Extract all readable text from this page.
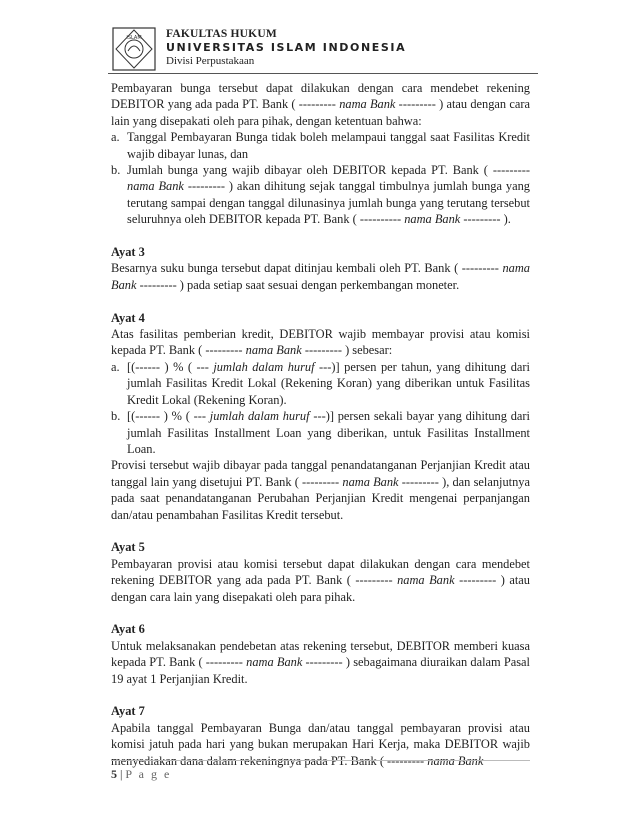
ISLAM FAKULTAS HUKUM
UNIVERSITAS ISLAM INDONESIA
Divisi Perpustakaan

Pembayaran bunga tersebut dapat dilakukan dengan cara mendebet rekening DEBITOR yang ada pada PT. Bank ( --------- nama Bank --------- ) atau dengan cara lain yang disepakati oleh para pihak, dengan ketentuan bahwa:

a. Tanggal Pembayaran Bunga tidak boleh melampaui tanggal saat Fasilitas Kredit wajib dibayar lunas, dan
b. Jumlah bunga yang wajib dibayar oleh DEBITOR kepada PT. Bank ( --------- nama Bank --------- ) akan dihitung sejak tanggal timbulnya jumlah bunga yang terutang sampai dengan tanggal dilunasinya jumlah bunga yang terutang tersebut seluruhnya oleh DEBITOR kepada PT. Bank ( ---------- nama Bank --------- ).

Ayat 3

Besarnya suku bunga tersebut dapat ditinjau kembali oleh PT. Bank ( --------- nama Bank --------- ) pada setiap saat sesuai dengan perkembangan moneter.

Ayat 4

Atas fasilitas pemberian kredit, DEBITOR wajib membayar provisi atau komisi kepada PT. Bank ( --------- nama Bank --------- ) sebesar:

a. [(------ ) % ( --- jumlah dalam huruf ---)] persen per tahun, yang dihitung dari jumlah Fasilitas Kredit Lokal (Rekening Koran) yang diberikan untuk Fasilitas Kredit Lokal (Rekening Koran).
b. [(------ ) % ( --- jumlah dalam huruf ---)] persen sekali bayar yang dihitung dari jumlah Fasilitas Installment Loan yang diberikan, untuk Fasilitas Installment Loan.

Provisi tersebut wajib dibayar pada tanggal penandatanganan Perjanjian Kredit atau tanggal lain yang disetujui PT. Bank ( --------- nama Bank --------- ), dan selanjutnya pada saat penandatanganan Perubahan Perjanjian Kredit mengenai perpanjangan dan/atau penambahan Fasilitas Kredit tersebut.

Ayat 5

Pembayaran provisi atau komisi tersebut dapat dilakukan dengan cara mendebet rekening DEBITOR yang ada pada PT. Bank ( --------- nama Bank --------- ) atau dengan cara lain yang disepakati oleh para pihak.

Ayat 6

Untuk melaksanakan pendebetan atas rekening tersebut, DEBITOR memberi kuasa kepada PT. Bank ( --------- nama Bank --------- ) sebagaimana diuraikan dalam Pasal 19 ayat 1 Perjanjian Kredit.

Ayat 7

Apabila tanggal Pembayaran Bunga dan/atau tanggal pembayaran provisi atau komisi jatuh pada hari yang bukan merupakan Hari Kerja, maka DEBITOR wajib menyediakan dana dalam rekeningnya pada PT. Bank ( --------- nama Bank

5 | P a g e
